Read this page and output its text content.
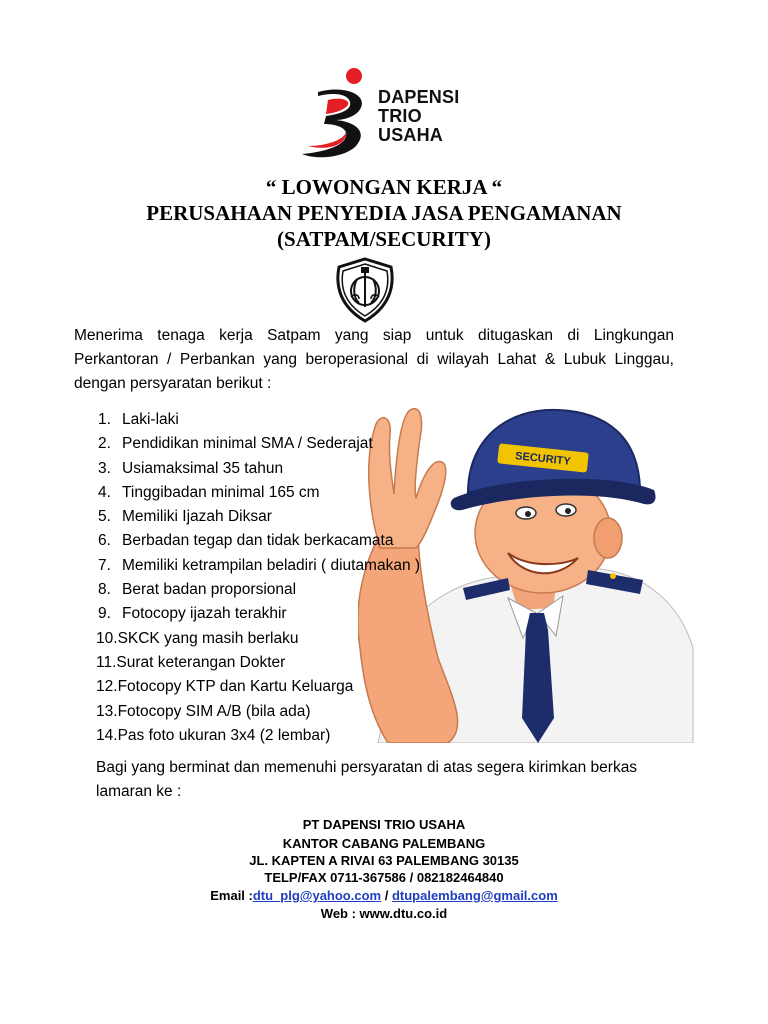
DAPENSI
TRIO
USAHA
“ LOWONGAN KERJA “
PERUSAHAAN PENYEDIA JASA PENGAMANAN
(SATPAM/SECURITY)
Menerima tenaga kerja Satpam yang siap untuk ditugaskan di Lingkungan
Perkantoran / Perbankan yang beroperasional di wilayah Lahat & Lubuk Linggau,
dengan persyaratan berikut :
SECURITY
1. Laki-laki
2. Pendidikan minimal SMA / Sederajat
3. Usiamaksimal 35 tahun
4. Tinggibadan minimal 165 cm
5. Memiliki Ijazah Diksar
6. Berbadan tegap dan tidak berkacamata
7. Memiliki ketrampilan beladiri ( diutamakan )
8. Berat badan proporsional
9. Fotocopy ijazah terakhir
10.SKCK yang masih berlaku
11.Surat keterangan Dokter
12.Fotocopy KTP dan Kartu Keluarga
13.Fotocopy SIM A/B (bila ada)
14.Pas foto ukuran 3x4 (2 lembar)
Bagi yang berminat dan memenuhi persyaratan di atas segera kirimkan berkas
lamaran ke :
PT DAPENSI TRIO USAHA
KANTOR CABANG PALEMBANG
JL. KAPTEN A RIVAI 63 PALEMBANG 30135
TELP/FAX 0711-367586 / 082182464840
Email :dtu_plg@yahoo.com / dtupalembang@gmail.com
Web : www.dtu.co.id
